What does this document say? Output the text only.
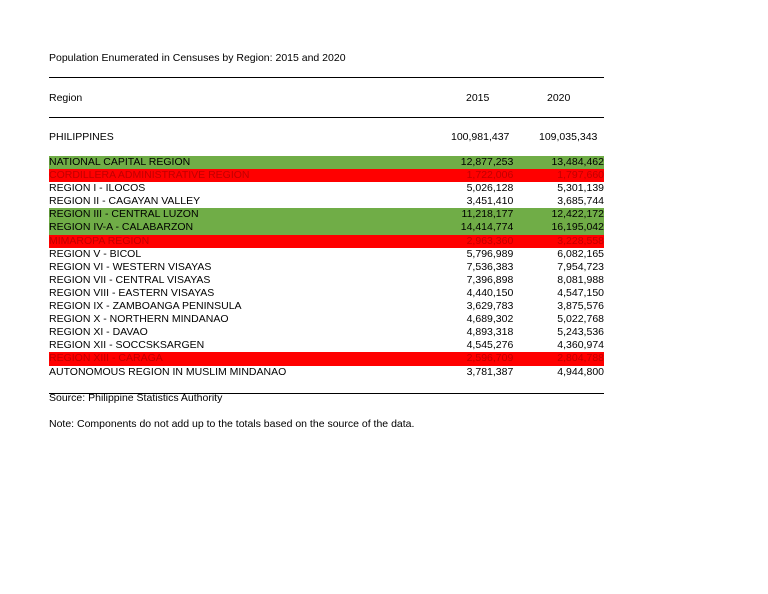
Population Enumerated in Censuses by Region: 2015 and 2020
Region	2015	2020
PHILIPPINES	100,981,437	109,035,343
NATIONAL CAPITAL REGION	12,877,253	13,484,462
CORDILLERA ADMINISTRATIVE REGION	1,722,006	1,797,660
REGION I - ILOCOS	5,026,128	5,301,139
REGION II - CAGAYAN VALLEY	3,451,410	3,685,744
REGION III - CENTRAL LUZON	11,218,177	12,422,172
REGION IV-A - CALABARZON	14,414,774	16,195,042
MIMAROPA REGION	2,963,360	3,228,558
REGION V - BICOL	5,796,989	6,082,165
REGION VI - WESTERN VISAYAS	7,536,383	7,954,723
REGION VII - CENTRAL VISAYAS	7,396,898	8,081,988
REGION VIII - EASTERN VISAYAS	4,440,150	4,547,150
REGION IX - ZAMBOANGA PENINSULA	3,629,783	3,875,576
REGION X - NORTHERN MINDANAO	4,689,302	5,022,768
REGION XI - DAVAO	4,893,318	5,243,536
REGION XII - SOCCSKSARGEN	4,545,276	4,360,974
REGION XIII - CARAGA	2,596,709	2,804,788
AUTONOMOUS REGION IN MUSLIM MINDANAO	3,781,387	4,944,800
Source: Philippine Statistics Authority
Note: Components do not add up to the totals based on the source of the data.
